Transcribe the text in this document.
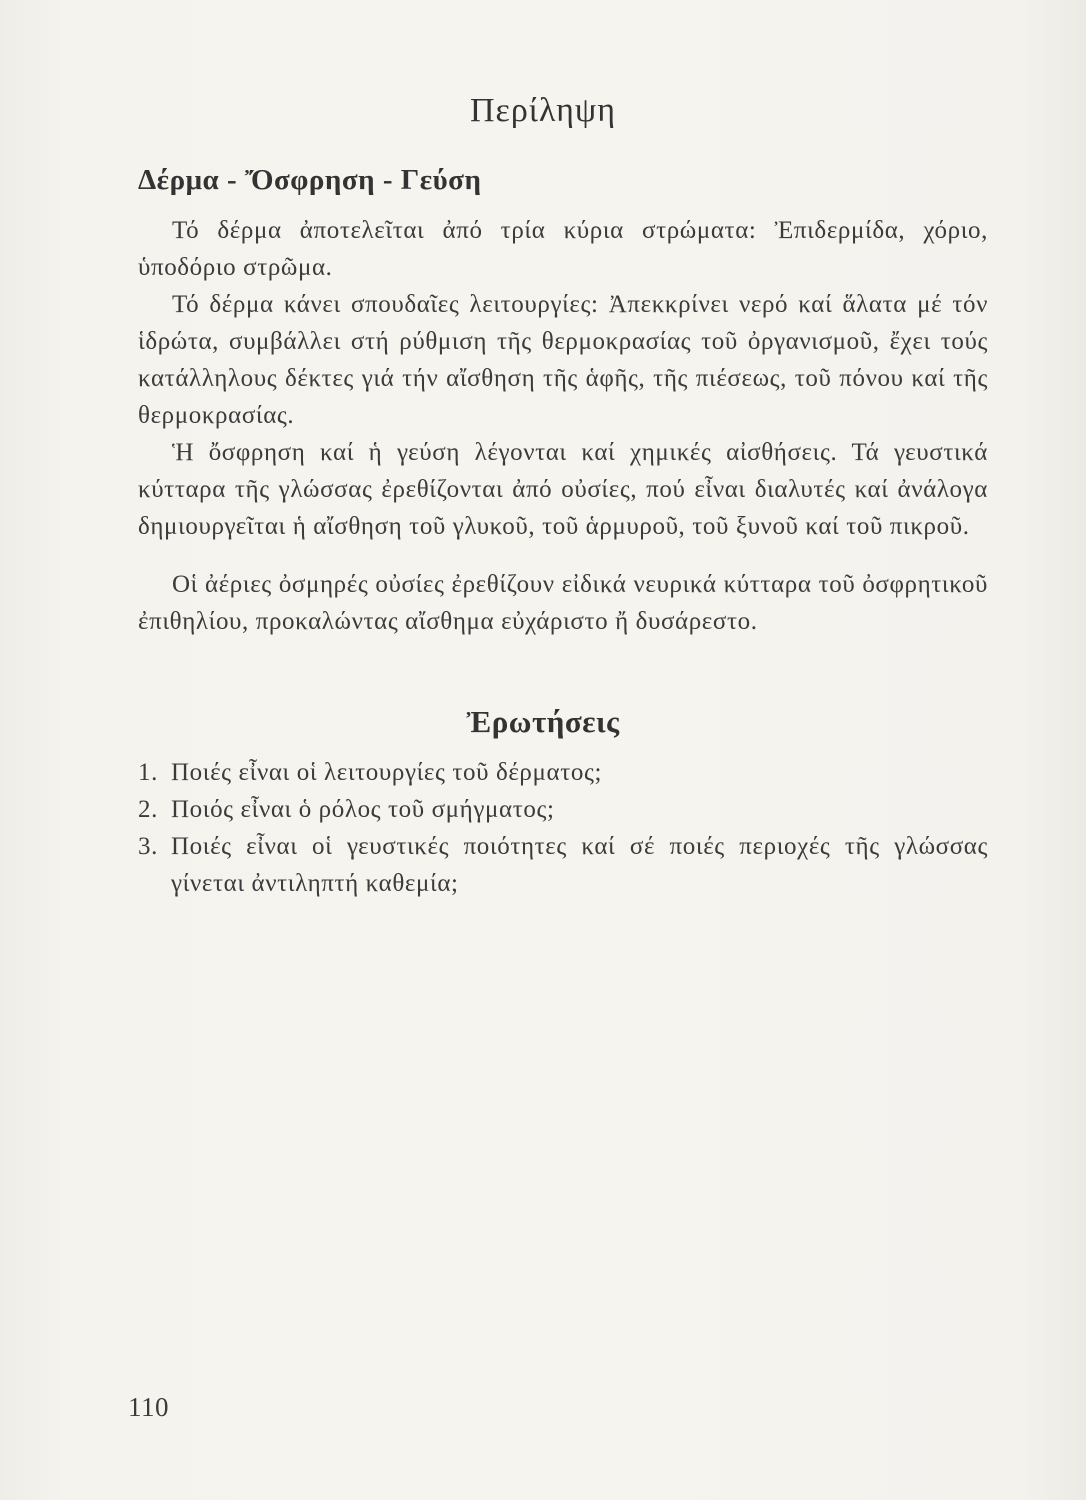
Περίληψη
Δέρμα - Ὄσφρηση - Γεύση

Τό δέρμα ἀποτελεῖται ἀπό τρία κύρια στρώματα: Ἐπιδερμίδα, χόριο, ὑποδόριο στρῶμα.

Τό δέρμα κάνει σπουδαῖες λειτουργίες: Ἀπεκκρίνει νερό καί ἅλατα μέ τόν ἱδρώτα, συμβάλλει στή ρύθμιση τῆς θερμοκρασίας τοῦ ὀργανισμοῦ, ἔχει τούς κατάλληλους δέκτες γιά τήν αἴσθηση τῆς ἁφῆς, τῆς πιέσεως, τοῦ πόνου καί τῆς θερμοκρασίας.

Ἡ ὄσφρηση καί ἡ γεύση λέγονται καί χημικές αἰσθήσεις. Τά γευστικά κύτταρα τῆς γλώσσας ἐρεθίζονται ἀπό οὐσίες, πού εἶναι διαλυτές καί ἀνάλογα δημιουργεῖται ἡ αἴσθηση τοῦ γλυκοῦ, τοῦ ἁρμυροῦ, τοῦ ξυνοῦ καί τοῦ πικροῦ.

Οἱ ἀέριες ὀσμηρές οὐσίες ἐρεθίζουν εἰδικά νευρικά κύτταρα τοῦ ὀσφρητικοῦ ἐπιθηλίου, προκαλώντας αἴσθημα εὐχάριστο ἤ δυσάρεστο.

Ἐρωτήσεις
1. Ποιές εἶναι οἱ λειτουργίες τοῦ δέρματος;
2. Ποιός εἶναι ὁ ρόλος τοῦ σμήγματος;
3. Ποιές εἶναι οἱ γευστικές ποιότητες καί σέ ποιές περιοχές τῆς γλώσσας γίνεται ἀντιληπτή καθεμία;
110
